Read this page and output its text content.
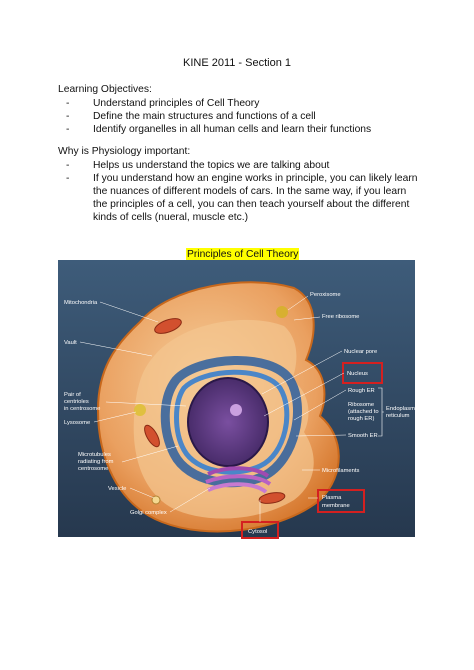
KINE 2011 - Section 1
Learning Objectives:
- Understand principles of Cell Theory
- Define the main structures and functions of a cell
- Identify organelles in all human cells and learn their functions
Why is Physiology important:
- Helps us understand the topics we are talking about
- If you understand how an engine works in principle, you can likely learn the nuances of different models of cars. In the same way, if you learn the principles of a cell, you can then teach yourself about the different kinds of cells (nueral, muscle etc.)
Principles of Cell Theory
Mitochondria
Vault
Pair of
centrioles
in centrosome
Lysosome
Microtubules
radiating from
centrosome
Vesicle
Golgi complex
Peroxisome
Free ribosome
Nuclear pore
Nucleus
Rough ER
Ribosome
(attached to
rough ER)
Smooth ER
Endoplasmic
reticulum
Microfilaments
Plasma
membrane
Cytosol
